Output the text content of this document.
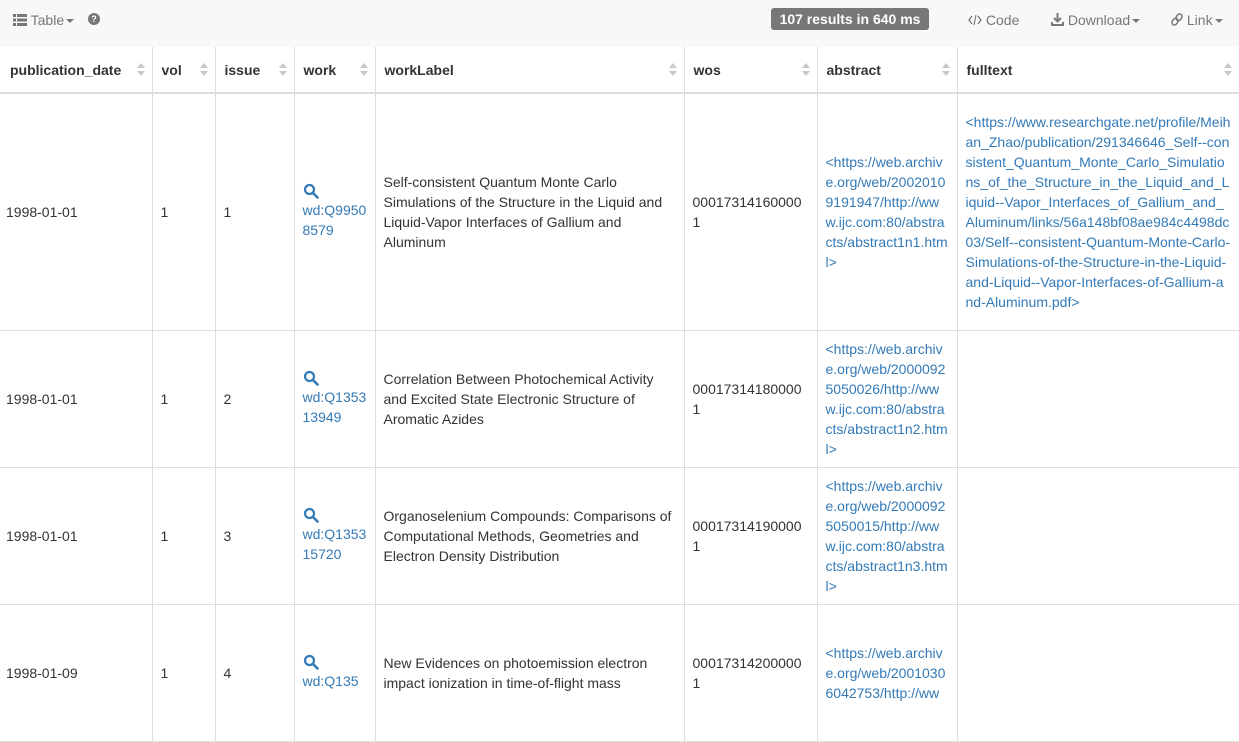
Table	?	107 results in 640 ms	Code	Download	Link
publication_date	vol	issue	work	workLabel	wos	abstract	fulltext

1998-01-01	1	1	wd:Q99508579	Self-consistent Quantum Monte Carlo Simulations of the Structure in the Liquid and Liquid-Vapor Interfaces of Gallium and Aluminum	000173141600001	<https://web.archive.org/web/20020109191947/http://www.ijc.com:80/abstracts/abstract1n1.html>	<https://www.researchgate.net/profile/Meihan_Zhao/publication/291346646_Self--consistent_Quantum_Monte_Carlo_Simulations_of_the_Structure_in_the_Liquid_and_Liquid--Vapor_Interfaces_of_Gallium_and_Aluminum/links/56a148bf08ae984c4498dc03/Self--consistent-Quantum-Monte-Carlo-Simulations-of-the-Structure-in-the-Liquid-and-Liquid--Vapor-Interfaces-of-Gallium-and-Aluminum.pdf>
1998-01-01	1	2	wd:Q135313949	Correlation Between Photochemical Activity and Excited State Electronic Structure of Aromatic Azides	000173141800001	<https://web.archive.org/web/20000925050026/http://www.ijc.com:80/abstracts/abstract1n2.html>	
1998-01-01	1	3	wd:Q135315720	Organoselenium Compounds: Comparisons of Computational Methods, Geometries and Electron Density Distribution	000173141900001	<https://web.archive.org/web/20000925050015/http://www.ijc.com:80/abstracts/abstract1n3.html>	
1998-01-09	1	4	wd:Q135	New Evidences on photoemission electron impact ionization in time-of-flight mass	000173142000001	<https://web.archive.org/web/20010306042753/http://ww	
